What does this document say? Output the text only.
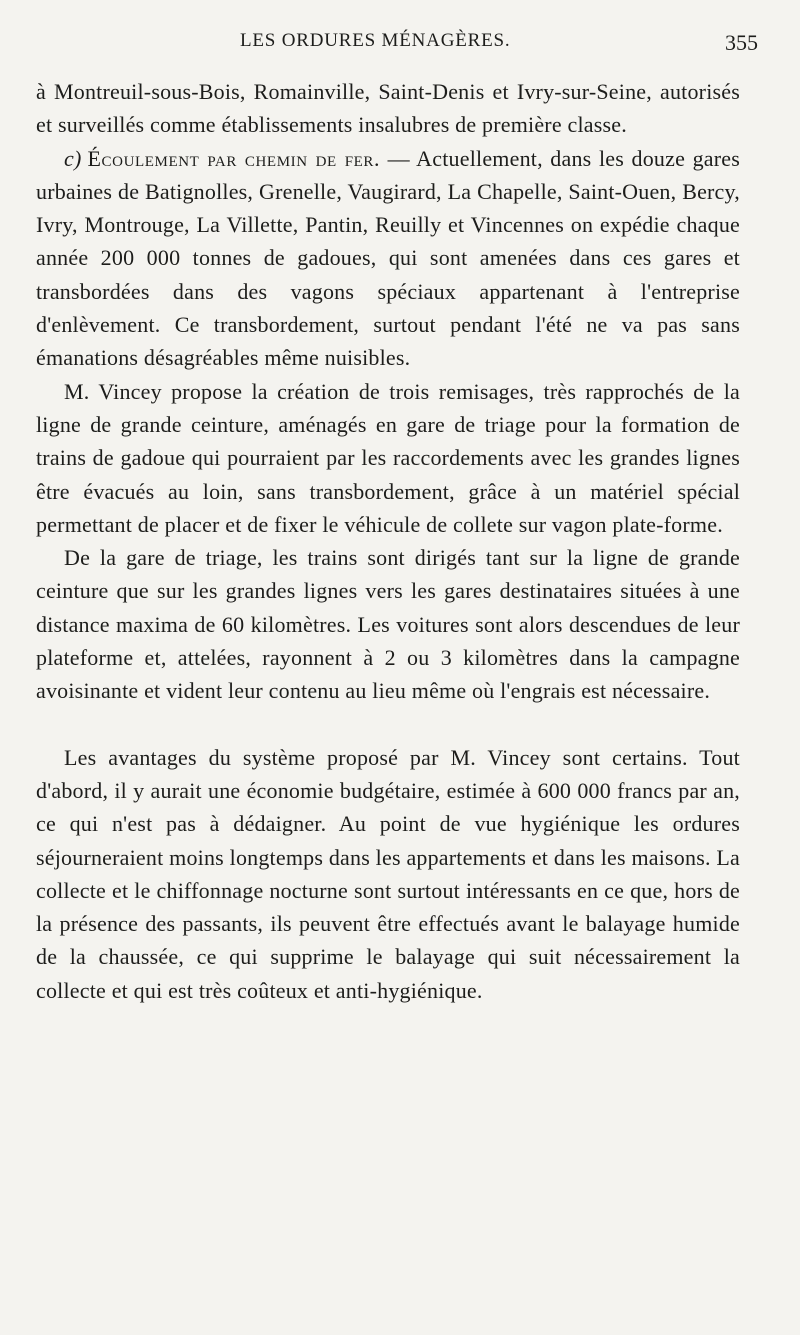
LES ORDURES MÉNAGÈRES.	355

à Montreuil-sous-Bois, Romainville, Saint-Denis et Ivry-sur-Seine, autorisés et surveillés comme établissements insalubres de première classe.

c) Écoulement par chemin de fer. — Actuellement, dans les douze gares urbaines de Batignolles, Grenelle, Vaugirard, La Chapelle, Saint-Ouen, Bercy, Ivry, Montrouge, La Villette, Pantin, Reuilly et Vincennes on expédie chaque année 200 000 tonnes de gadoues, qui sont amenées dans ces gares et transbordées dans des vagons spéciaux appartenant à l'entreprise d'enlèvement. Ce transbordement, surtout pendant l'été ne va pas sans émanations désagréables même nuisibles.

M. Vincey propose la création de trois remisages, très rapprochés de la ligne de grande ceinture, aménagés en gare de triage pour la formation de trains de gadoue qui pourraient par les raccordements avec les grandes lignes être évacués au loin, sans transbordement, grâce à un matériel spécial permettant de placer et de fixer le véhicule de collete sur vagon plate-forme.

De la gare de triage, les trains sont dirigés tant sur la ligne de grande ceinture que sur les grandes lignes vers les gares destinataires situées à une distance maxima de 60 kilomètres. Les voitures sont alors descendues de leur plateforme et, attelées, rayonnent à 2 ou 3 kilomètres dans la campagne avoisinante et vident leur contenu au lieu même où l'engrais est nécessaire.

Les avantages du système proposé par M. Vincey sont certains. Tout d'abord, il y aurait une économie budgétaire, estimée à 600 000 francs par an, ce qui n'est pas à dédaigner. Au point de vue hygiénique les ordures séjourneraient moins longtemps dans les appartements et dans les maisons. La collecte et le chiffonnage nocturne sont surtout intéressants en ce que, hors de la présence des passants, ils peuvent être effectués avant le balayage humide de la chaussée, ce qui supprime le balayage qui suit nécessairement la collecte et qui est très coûteux et anti-hygiénique.
